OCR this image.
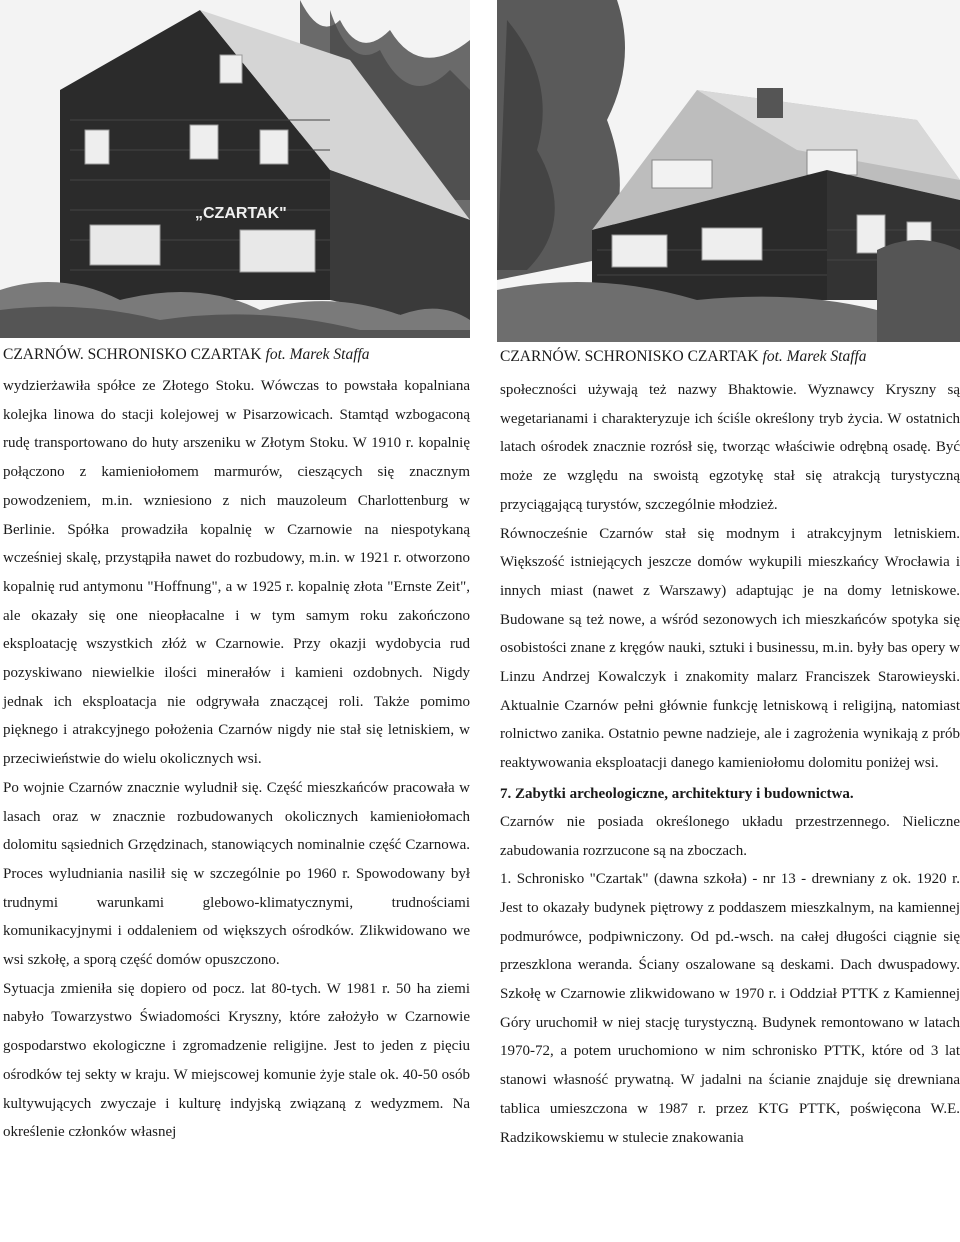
„CZARTAK"
CZARNÓW. SCHRONISKO CZARTAK fot. Marek Staffa

wydzierżawiła spółce ze Złotego Stoku. Wówczas to powstała kopalniana kolejka linowa do stacji kolejowej w Pisarzowicach. Stamtąd wzbogaconą rudę transportowano do huty arszeniku w Złotym Stoku. W 1910 r. kopalnię połączono z kamieniołomem marmurów, cieszących się znacznym powodzeniem, m.in. wzniesiono z nich mauzoleum Charlottenburg w Berlinie. Spółka prowadziła kopalnię w Czarnowie na niespotykaną wcześniej skalę, przystąpiła nawet do rozbudowy, m.in. w 1921 r. otworzono kopalnię rud antymonu "Hoffnung", a w 1925 r. kopalnię złota "Ernste Zeit", ale okazały się one nieopłacalne i w tym samym roku zakończono eksploatację wszystkich złóż w Czarnowie. Przy okazji wydobycia rud pozyskiwano niewielkie ilości minerałów i kamieni ozdobnych. Nigdy jednak ich eksploatacja nie odgrywała znaczącej roli. Także pomimo pięknego i atrakcyjnego położenia Czarnów nigdy nie stał się letniskiem, w przeciwieństwie do wielu okolicznych wsi.

Po wojnie Czarnów znacznie wyludnił się. Część mieszkańców pracowała w lasach oraz w znacznie rozbudowanych okolicznych kamieniołomach dolomitu sąsiednich Grzędzinach, stanowiących nominalnie część Czarnowa. Proces wyludniania nasilił się w szczególnie po 1960 r. Spowodowany był trudnymi warunkami glebowo-klimatycznymi, trudnościami komunikacyjnymi i oddaleniem od większych ośrodków. Zlikwidowano we wsi szkołę, a sporą część domów opuszczono.

Sytuacja zmieniła się dopiero od pocz. lat 80-tych. W 1981 r. 50 ha ziemi nabyło Towarzystwo Świadomości Kryszny, które założyło w Czarnowie gospodarstwo ekologiczne i zgromadzenie religijne. Jest to jeden z pięciu ośrodków tej sekty w kraju. W miejscowej komunie żyje stale ok. 40-50 osób kultywujących zwyczaje i kulturę indyjską związaną z wedyzmem. Na określenie członków własnej

CZARNÓW. SCHRONISKO CZARTAK fot. Marek Staffa

społeczności używają też nazwy Bhaktowie. Wyznawcy Kryszny są wegetarianami i charakteryzuje ich ściśle określony tryb życia. W ostatnich latach ośrodek znacznie rozrósł się, tworząc właściwie odrębną osadę. Być może ze względu na swoistą egzotykę stał się atrakcją turystyczną przyciągającą turystów, szczególnie młodzież.

Równocześnie Czarnów stał się modnym i atrakcyjnym letniskiem. Większość istniejących jeszcze domów wykupili mieszkańcy Wrocławia i innych miast (nawet z Warszawy) adaptując je na domy letniskowe. Budowane są też nowe, a wśród sezonowych ich mieszkańców spotyka się osobistości znane z kręgów nauki, sztuki i businessu, m.in. były bas opery w Linzu Andrzej Kowalczyk i znakomity malarz Franciszek Starowieyski. Aktualnie Czarnów pełni głównie funkcję letniskową i religijną, natomiast rolnictwo zanika. Ostatnio pewne nadzieje, ale i zagrożenia wynikają z prób reaktywowania eksploatacji danego kamieniołomu dolomitu poniżej wsi.

7. Zabytki archeologiczne, architektury i budownictwa.

Czarnów nie posiada określonego układu przestrzennego. Nieliczne zabudowania rozrzucone są na zboczach.

1. Schronisko "Czartak" (dawna szkoła) - nr 13 - drewniany z ok. 1920 r. Jest to okazały budynek piętrowy z poddaszem mieszkalnym, na kamiennej podmurówce, podpiwniczony. Od pd.-wsch. na całej długości ciągnie się przeszklona weranda. Ściany oszalowane są deskami. Dach dwuspadowy. Szkołę w Czarnowie zlikwidowano w 1970 r. i Oddział PTTK z Kamiennej Góry uruchomił w niej stację turystyczną. Budynek remontowano w latach 1970-72, a potem uruchomiono w nim schronisko PTTK, które od 3 lat stanowi własność prywatną. W jadalni na ścianie znajduje się drewniana tablica umieszczona w 1987 r. przez KTG PTTK, poświęcona W.E. Radzikowskiemu w stulecie znakowania
